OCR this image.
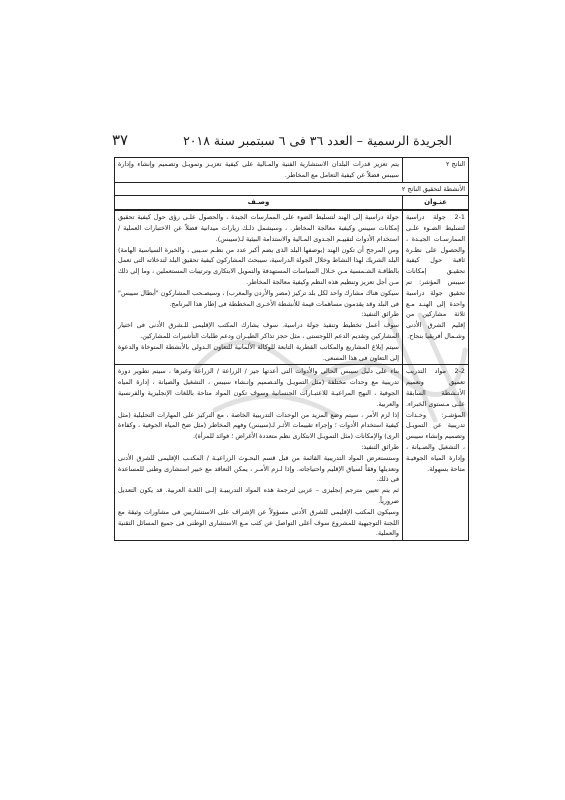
الجريدة الرسمية – العدد ٣٦ فى ٦ سبتمبر سنة ٢٠١٨
٣٧
الناتج ٢
يتم تعزيز قدرات البلدان الاستشارية الفنية والمـالية على كيفية تعزيـز وتمويـل وتصميم وإنشاء وإدارة سيبس فضلاً عن كيفية التعامل مع المخاطر.
الأنشطة لتحقيق الناتج ٢
عنـوان
وصـف
2-1 جولة دراسية لتسليط الضـوء علـى الممارسـات الجيـدة ، والحصول على نظـرة ثاقبة حول كيفية تحقيـق إمكانات سيبس المؤشر: تم تحقيق جولة دراسية واحدة إلى الهنـد مـع ثلاثة مشاركين من إقليم الشرق الأدنى وشـمال أفريقيا بنجاح.

جولة دراسية إلى الهند لتسليط الضوء على الممارسات الجيدة ، والحصول علـى رؤى حول كيفية تحقيق إمكانات سيبس وكيفية معالجة المخاطر. ، وسيشمل ذلـك زيارات ميدانية فضلاً عن الاختبارات العملية / استخدام الأدوات لتقييـم الجـدوى المـالية والاستدامة البيئية لـ(سيبس).

ومن المرجح أن تكون الهند (بوصفها البلد الذى يضم أكبر عدد من نظـم سـيبى ، والخبرة السياسية الهامة) البلد الشريك لهذا النشاط وخلال الجولة الدراسية، سيبحث المشاركون كيفية تحقيق البلد لتدخلاته التى تعمل بالطاقـة الشـمسية مـن خـلال السياسات المستهدفة والتمويل الابتكارى وترتيبات المستعملين ، وما إلى ذلك مـن أجل تعزيز وتنظيم هذه النظم وكيفية معالجة المخاطر.

سيكون هناك مشارك واحد لكل بلد تركيز (مصر والأردن والمغرب) ، وسيصـحب المشاركون "أبطال سيبس" فى البلد وقد يقدمون مساهمات قيمة للأنشطة الأخـرى المخططة فى إطار هذا البرنامج.

طرائق التنفيذ:

سوف أعمل تخطيط وتنفيذ جولة دراسية. سوف يشارك المكتب الإقليمى للـشرق الأدنى فى اختيار المشاركين وتقديم الدعم اللوجستى ، مثل حجز تذاكر الطيـران ودعم طلبات التأشيرات للمشاركين.

سيتم إبلاغ المشاريع والمكاتب القطرية التابعة للوكالة الألمانية للتعاون الـدولى بالأنشطة المتوخاة والدعوة إلى التعاون فى هذا المسعى.

2-2 مواد التدريب تعميق وتعميم الأنـشطة السابقة علـى مـستوى الخبراء. المؤشـر: وحـدات تدريبية عن التمويـل وتصميم وإنشاء سيبس ، التشغيل والصـيانة ، وإدارة المياه الجوفيـة متاحة بسهولة.

بناء على دليل سيبس الحالى والأدوات التى أعدتها جيز / الزراعة / الزراعة وغيرها ، سيتم تطوير دورة تدريبية مع وحدات مختلفة (مثل التمويـل والتـصميم وإنـشاء سيبس ، التشغيل والصيانة ، إدارة المياه الجوفية ، النهج المراعيـة للاعتبـارات الجنسانية وسوف تكون المواد متاحة باللغات الإنجليزية والفرنسية والعربية.

إذا لزم الأمر ، سيتم وضع المزيد من الوحدات التدريبية الخاصة ، مع التركيز على المهارات التحليلية (مثل كيفية استخدام الأدوات ؛ وإجراء تقييمات الأثـر لـ(سيبس) وفهم المخاطر (مثل ضخ المياه الجوفية ، وكفاءة الرى) والإمكانات (مثل التمويـل الابتكارى نظم متعددة الأغراض ؛ فوائد للمرأة).

طرائق التنفيذ:

وستستعرض المواد التدريبية القائمة من قبل قسم البحـوث الزراعيـة / المكتـب الإقليمى للشرق الأدنى وتعديلها وفقاً لسياق الإقليم واحتياجاته. وإذا لـزم الأمـر ، يمكن التعاقد مع خبير استشارى وطنى للمساعدة فى ذلك.

ثم يتم تعيين مترجم إنجليزى – عربى لترجمة هذه المواد التدريبيـة إلـى اللغـة العربية. قد يكون التعديل ضرورياً.

وسيكون المكتب الإقليمى للشرق الأدنى مسؤولاً عن الإشراف على الاستشاريين فى مشاورات وثيقة مع اللجنة التوجيهية للمشروع سوف أعلى التواصل عن كثب مـع الاستشارى الوطنى فى جميع المسائل التقنية والعملية.
